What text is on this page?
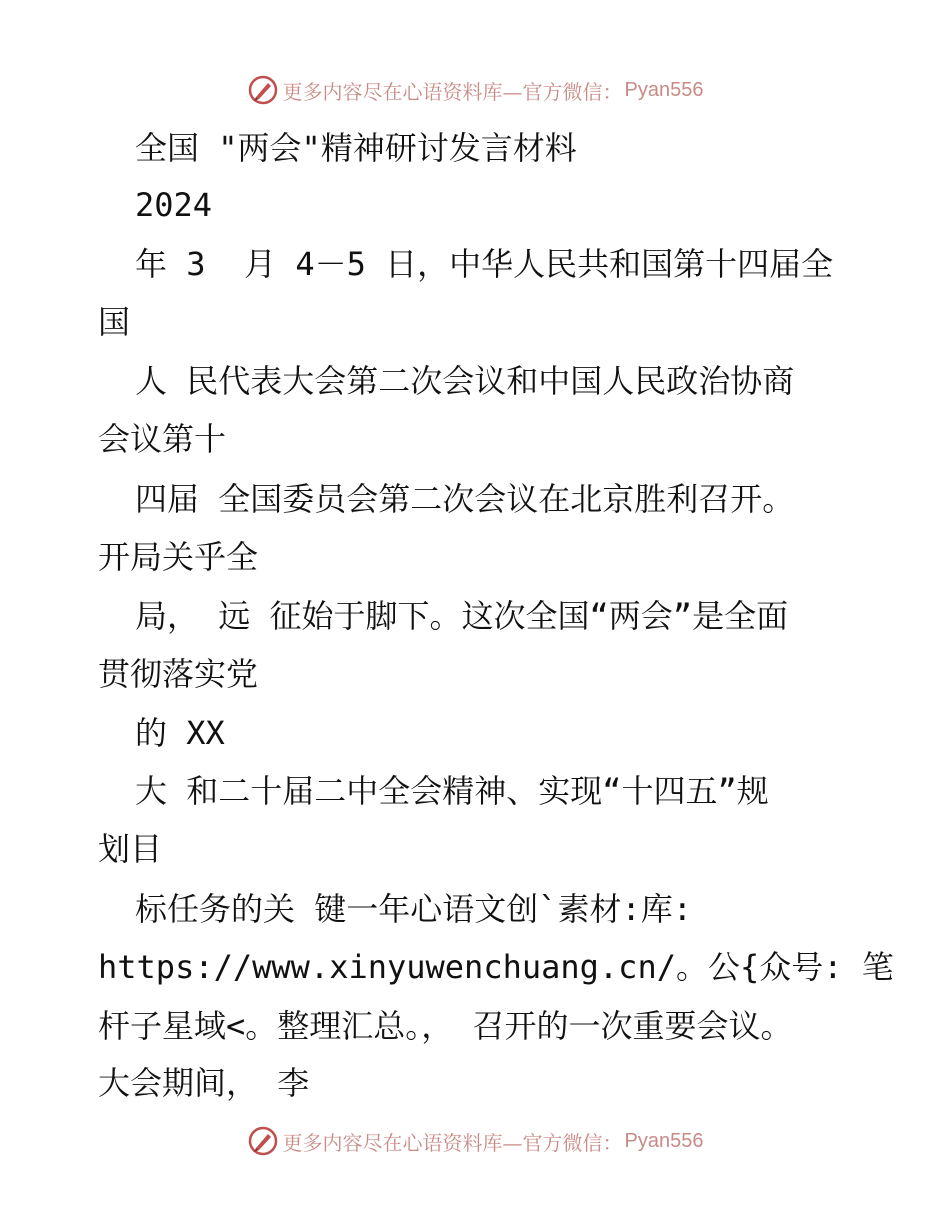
更多内容尽在心语资料库—官方微信： Pyan556
全国 "两会"精神研讨发言材料
2024
年 3  月 4－5 日，中华人民共和国第十四届全
国
人 民代表大会第二次会议和中国人民政治协商
会议第十
四届 全国委员会第二次会议在北京胜利召开。
开局关乎全
局， 远 征始于脚下。这次全国“两会”是全面
贯彻落实党
的 XX
大 和二十届二中全会精神、实现“十四五”规
划目
标任务的关 键一年心语文创`素材:库:
https://www.xinyuwenchuang.cn/。公{众号: 笔
杆子星域<。整理汇总。， 召开的一次重要会议。
大会期间， 李
更多内容尽在心语资料库—官方微信： Pyan556
